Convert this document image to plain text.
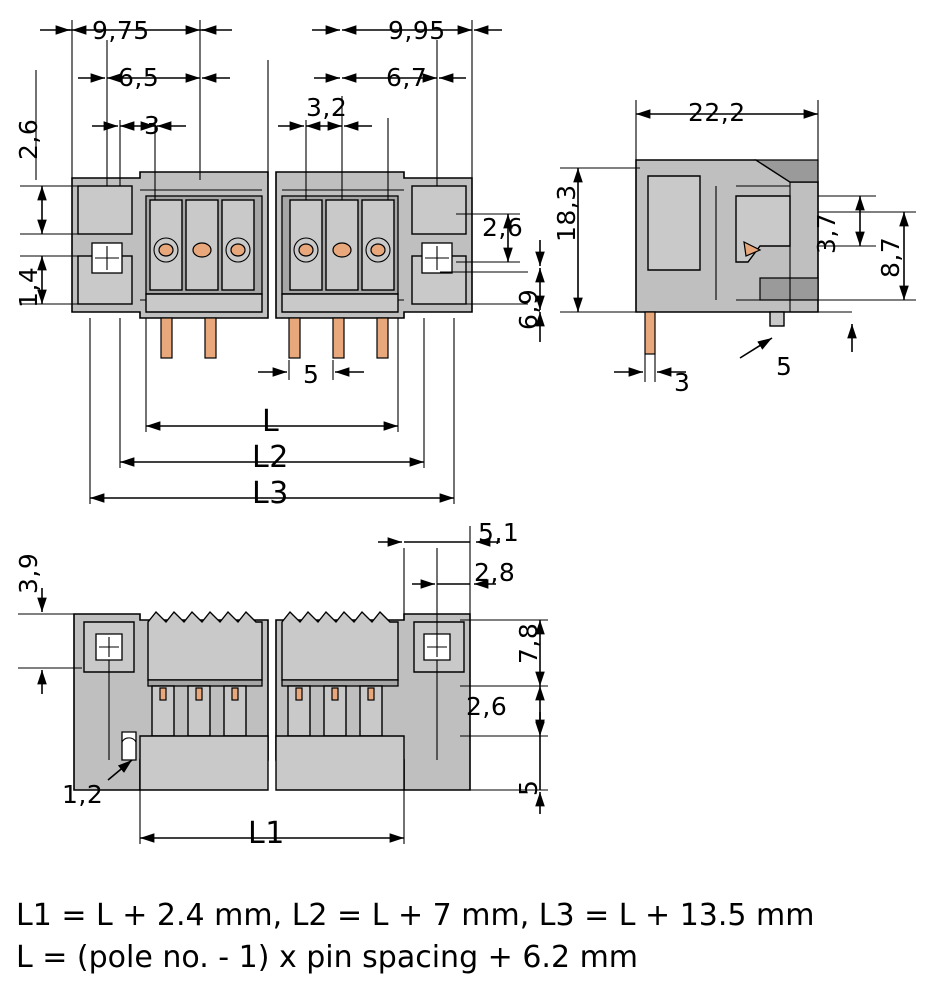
9,75
6,5
3
2,6
1,4
3,2
6,7
9,95
2,6
6,9
5
L
L2
L3
22,2
18,3	3,7
8,7
3
5
3,9
5,1
2,8
7,8
2,6
5
1,2
L1
L1 = L + 2.4 mm, L2 = L + 7 mm, L3 = L + 13.5 mm
L = (pole no. - 1) x pin spacing + 6.2 mm
